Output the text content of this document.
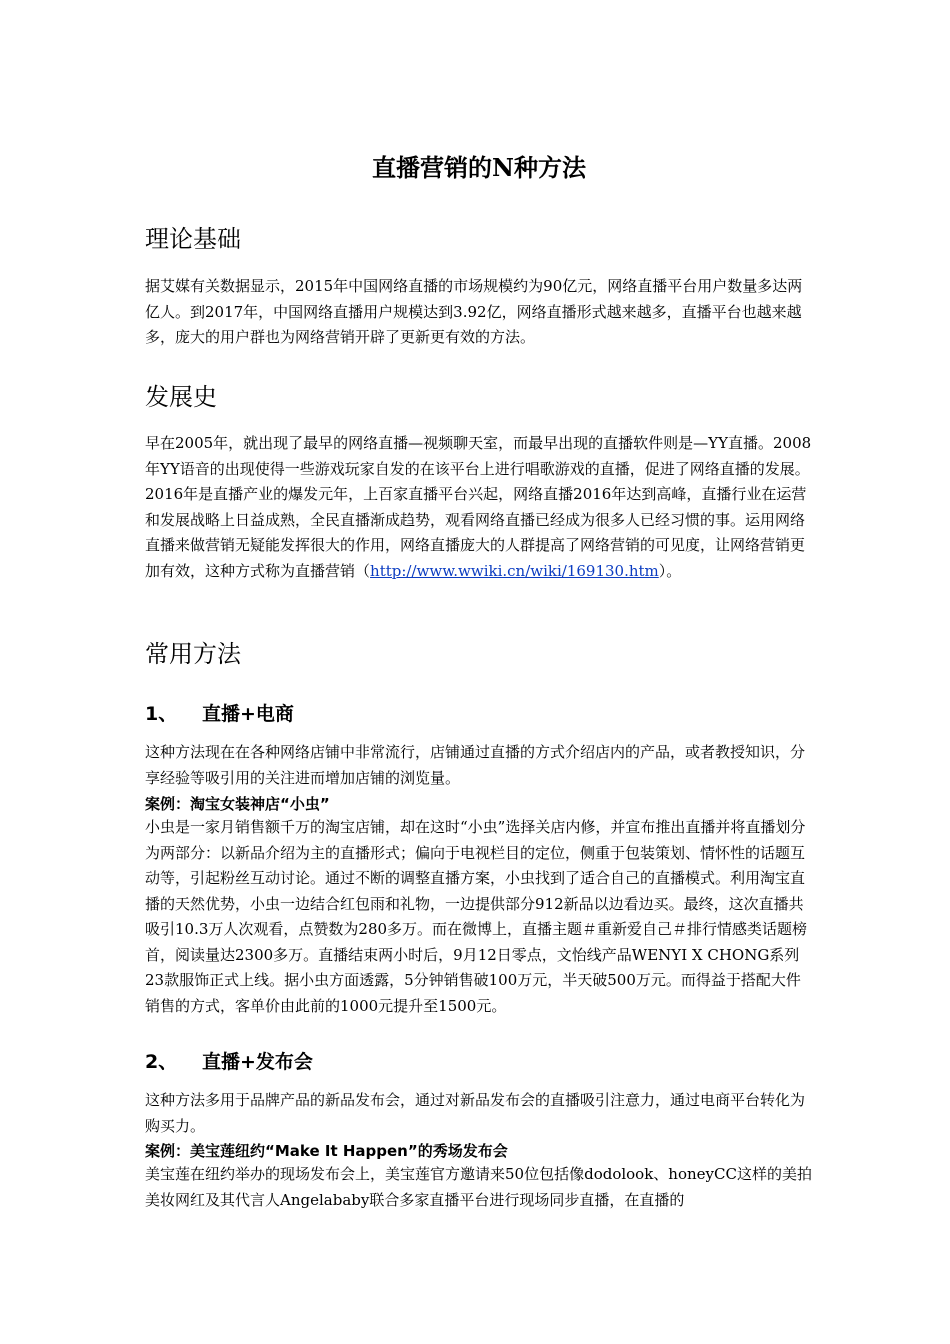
直播营销的N种方法
理论基础

据艾媒有关数据显示，2015年中国网络直播的市场规模约为90亿元，网络直播平台用户数量多达两亿人。到2017年，中国网络直播用户规模达到3.92亿，网络直播形式越来越多，直播平台也越来越多，庞大的用户群也为网络营销开辟了更新更有效的方法。

发展史

早在2005年，就出现了最早的网络直播—视频聊天室，而最早出现的直播软件则是—YY直播。2008年YY语音的出现使得一些游戏玩家自发的在该平台上进行唱歌游戏的直播，促进了网络直播的发展。2016年是直播产业的爆发元年，上百家直播平台兴起，网络直播2016年达到高峰，直播行业在运营和发展战略上日益成熟，全民直播渐成趋势，观看网络直播已经成为很多人已经习惯的事。运用网络直播来做营销无疑能发挥很大的作用，网络直播庞大的人群提高了网络营销的可见度，让网络营销更加有效，这种方式称为直播营销（http://www.wwiki.cn/wiki/169130.htm）。

常用方法
1、 直播+电商

这种方法现在在各种网络店铺中非常流行，店铺通过直播的方式介绍店内的产品，或者教授知识，分享经验等吸引用的关注进而增加店铺的浏览量。

案例：淘宝女装神店“小虫”

小虫是一家月销售额千万的淘宝店铺，却在这时“小虫”选择关店内修，并宣布推出直播并将直播划分为两部分：以新品介绍为主的直播形式；偏向于电视栏目的定位，侧重于包装策划、情怀性的话题互动等，引起粉丝互动讨论。通过不断的调整直播方案，小虫找到了适合自己的直播模式。利用淘宝直播的天然优势，小虫一边结合红包雨和礼物，一边提供部分912新品以边看边买。最终，这次直播共吸引10.3万人次观看，点赞数为280多万。而在微博上，直播主题＃重新爱自己＃排行情感类话题榜首，阅读量达2300多万。直播结束两小时后，9月12日零点，文怡线产品WENYI X CHONG系列23款服饰正式上线。据小虫方面透露，5分钟销售破100万元，半天破500万元。而得益于搭配大件销售的方式，客单价由此前的1000元提升至1500元。

2、 直播+发布会

这种方法多用于品牌产品的新品发布会，通过对新品发布会的直播吸引注意力，通过电商平台转化为购买力。

案例：美宝莲纽约“Make It Happen”的秀场发布会

美宝莲在纽约举办的现场发布会上，美宝莲官方邀请来50位包括像dodolook、honeyCC这样的美拍美妆网红及其代言人Angelababy联合多家直播平台进行现场同步直播，在直播的
